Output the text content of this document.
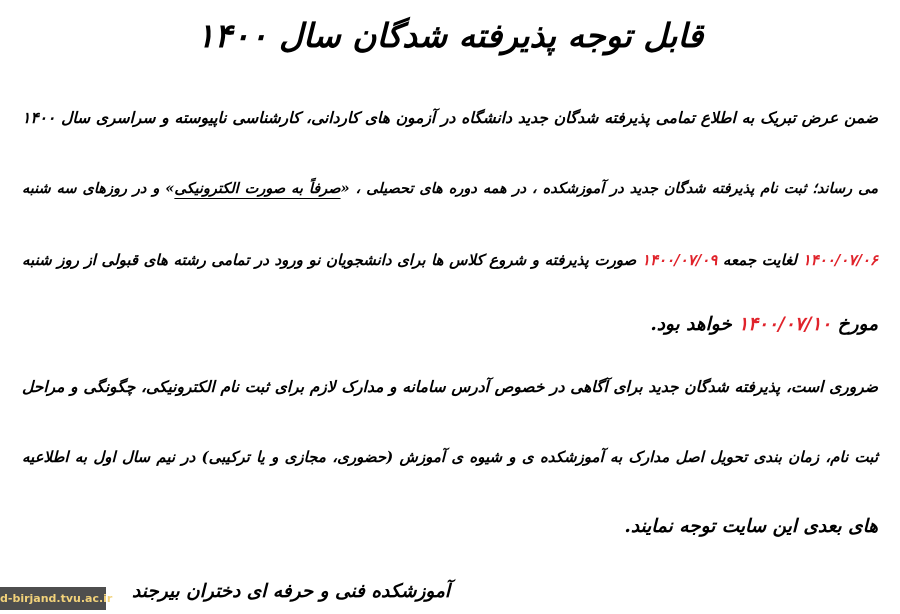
قابل توجه پذیرفته شدگان سال ۱۴۰۰
ضمن عرض تبریک به اطلاع تمامی پذیرفته شدگان جدید دانشگاه در آزمون های کاردانی، کارشناسی ناپیوسته و سراسری سال ۱۴۰۰
می رساند؛ ثبت نام پذیرفته شدگان جدید در آموزشکده ، در همه دوره های تحصیلی ، «صرفاً به صورت الکترونیکی» و در روزهای سه شنبه
۱۴۰۰/۰۷/۰۶ لغایت جمعه ۱۴۰۰/۰۷/۰۹ صورت پذیرفته و شروع کلاس ها برای دانشجویان نو ورود در تمامی رشته های قبولی از روز شنبه
مورخ ۱۴۰۰/۰۷/۱۰ خواهد بود.
ضروری است، پذیرفته شدگان جدید برای آگاهی در خصوص آدرس سامانه و مدارک لازم برای ثبت نام الکترونیکی، چگونگی و مراحل
ثبت نام، زمان بندی تحویل اصل مدارک به آموزشکده ی و شیوه ی آموزش (حضوری، مجازی و یا ترکیبی) در نیم سال اول به اطلاعیه
های بعدی این سایت توجه نمایند.
آموزشکده فنی و حرفه ای دختران بیرجند
d-birjand.tvu.ac.ir
